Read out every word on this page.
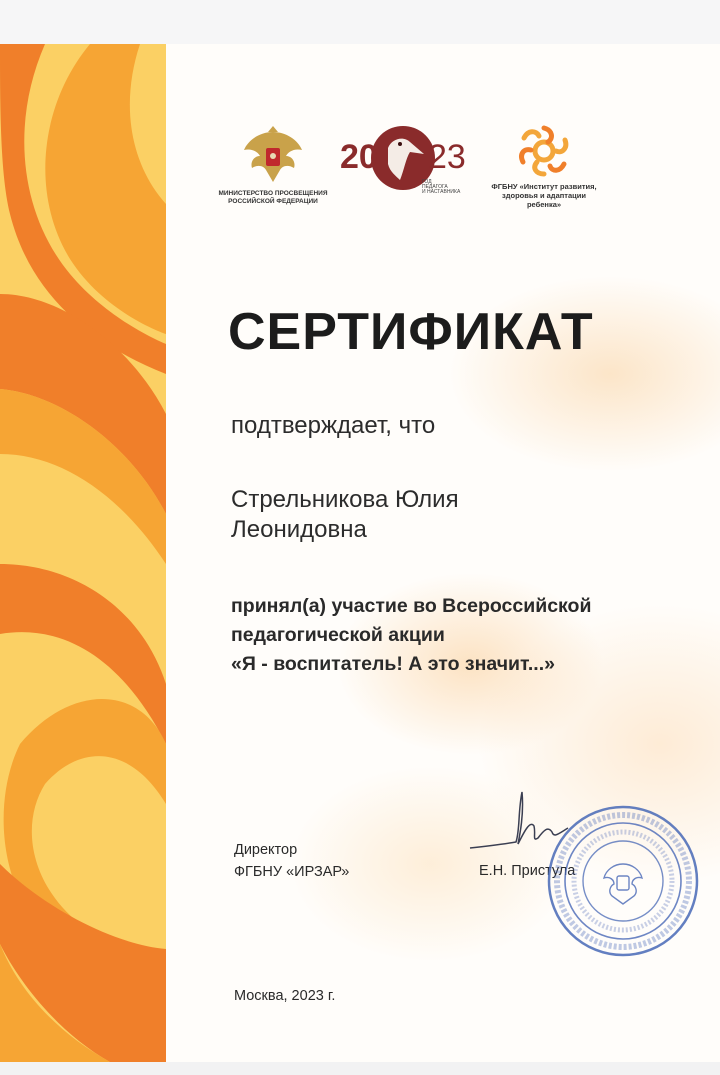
МИНИСТЕРСТВО ПРОСВЕЩЕНИЯ
РОССИЙСКОЙ ФЕДЕРАЦИИ
20 23
ГОД
ПЕДАГОГА
И НАСТАВНИКА
ФГБНУ «Институт развития,
здоровья и адаптации
ребенка»
СЕРТИФИКАТ
подтверждает, что
Стрельникова Юлия
Леонидовна
принял(а) участие во Всероссийской
педагогической акции
«Я - воспитатель! А это значит...»
Директор
ФГБНУ «ИРЗАР»	Е.Н. Пристула
Москва, 2023 г.
